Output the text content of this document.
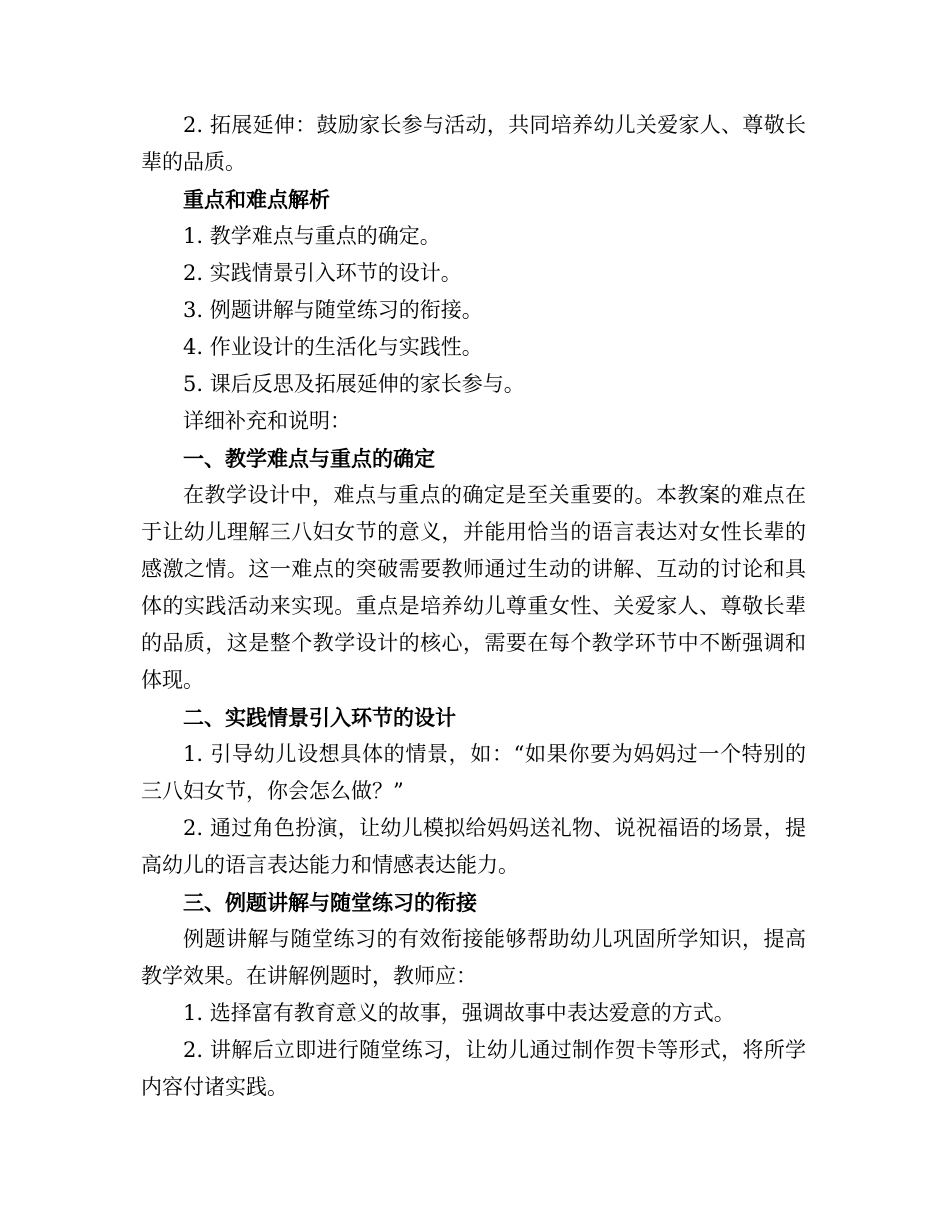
2. 拓展延伸：鼓励家长参与活动，共同培养幼儿关爱家人、尊敬长辈的品质。

重点和难点解析

1. 教学难点与重点的确定。

2. 实践情景引入环节的设计。

3. 例题讲解与随堂练习的衔接。

4. 作业设计的生活化与实践性。

5. 课后反思及拓展延伸的家长参与。

详细补充和说明：

一、教学难点与重点的确定

在教学设计中，难点与重点的确定是至关重要的。本教案的难点在于让幼儿理解三八妇女节的意义，并能用恰当的语言表达对女性长辈的感激之情。这一难点的突破需要教师通过生动的讲解、互动的讨论和具体的实践活动来实现。重点是培养幼儿尊重女性、关爱家人、尊敬长辈的品质，这是整个教学设计的核心，需要在每个教学环节中不断强调和体现。

二、实践情景引入环节的设计

1. 引导幼儿设想具体的情景，如：“如果你要为妈妈过一个特别的三八妇女节，你会怎么做？”

2. 通过角色扮演，让幼儿模拟给妈妈送礼物、说祝福语的场景，提高幼儿的语言表达能力和情感表达能力。

三、例题讲解与随堂练习的衔接

例题讲解与随堂练习的有效衔接能够帮助幼儿巩固所学知识，提高教学效果。在讲解例题时，教师应：

1. 选择富有教育意义的故事，强调故事中表达爱意的方式。

2. 讲解后立即进行随堂练习，让幼儿通过制作贺卡等形式，将所学内容付诸实践。
